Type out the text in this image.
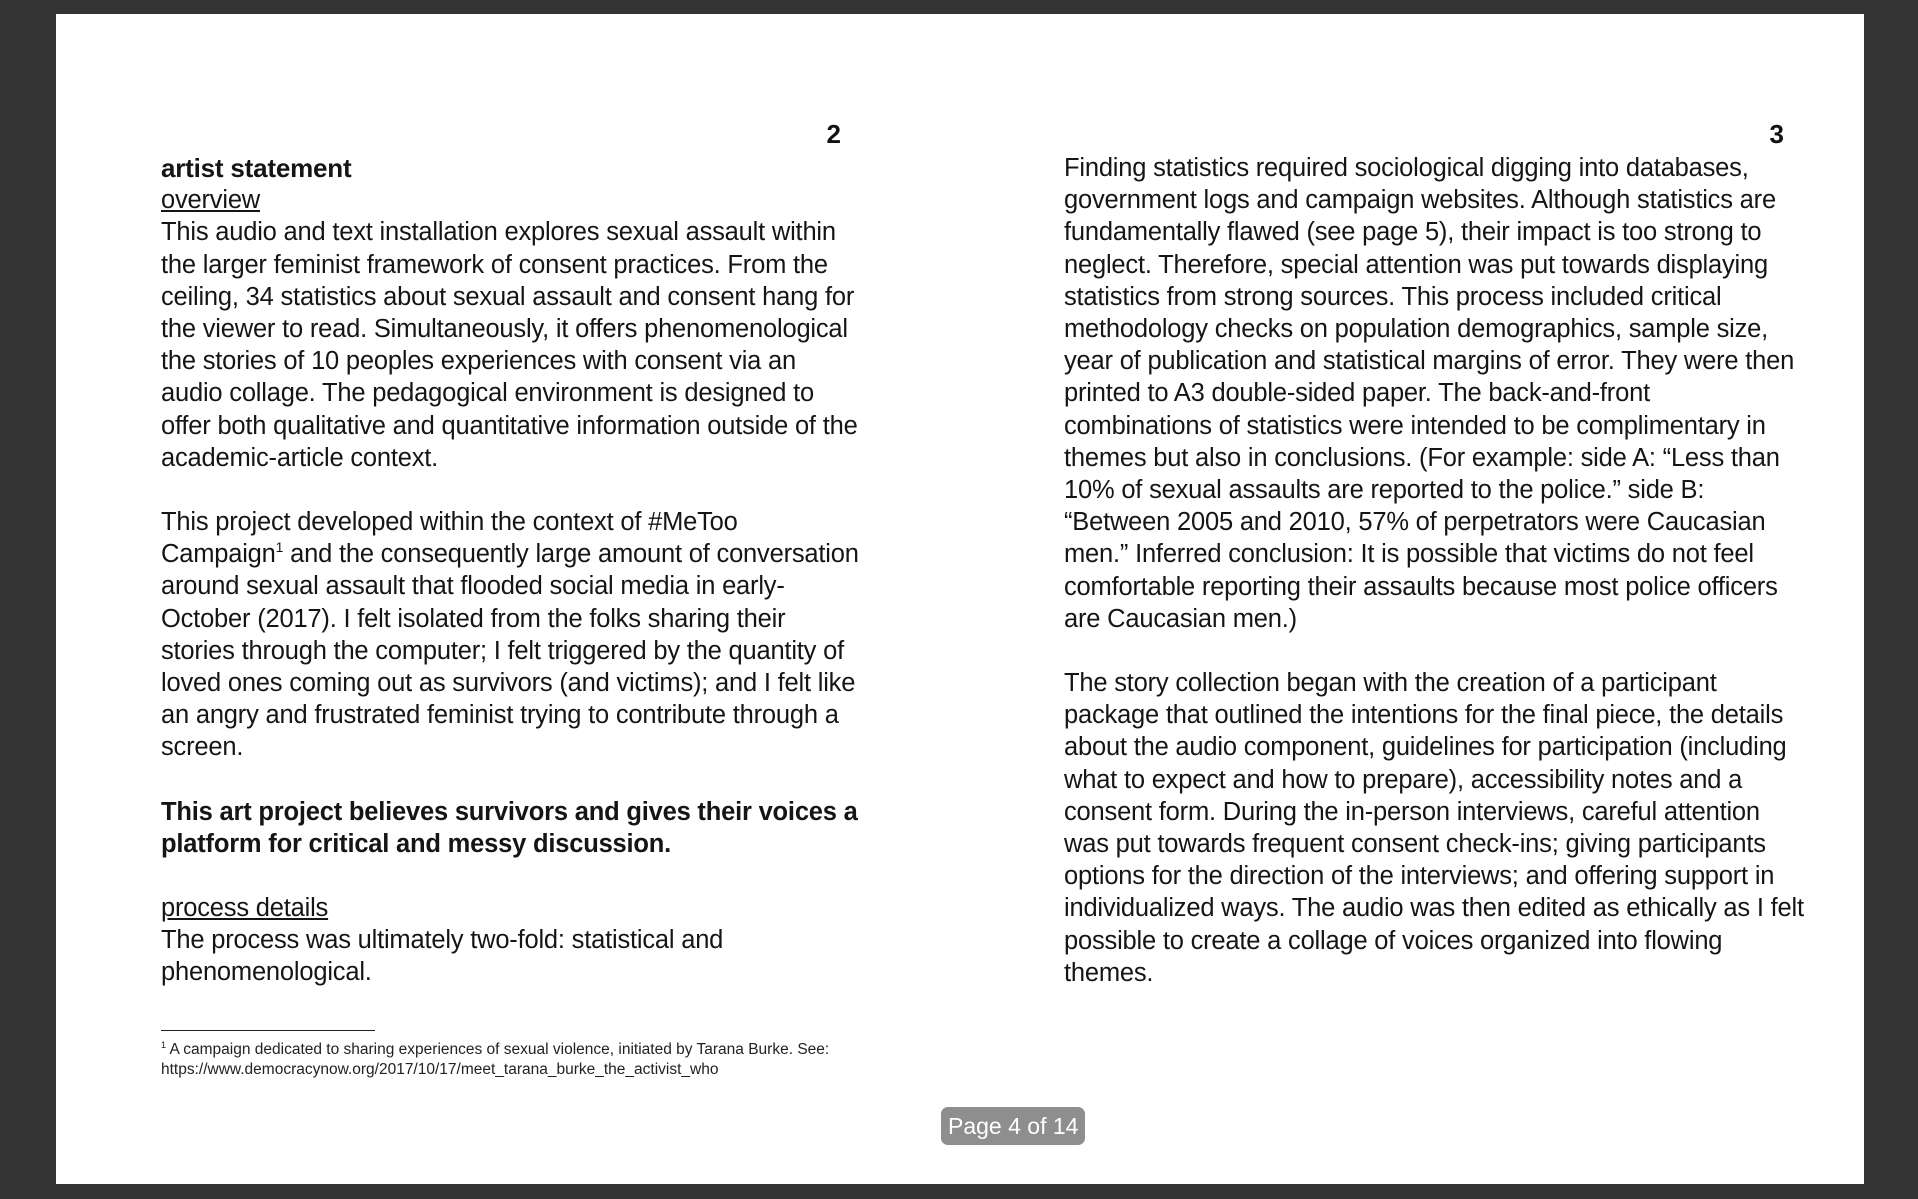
2

artist statement

overview

This audio and text installation explores sexual assault within the larger feminist framework of consent practices. From the ceiling, 34 statistics about sexual assault and consent hang for the viewer to read. Simultaneously, it offers phenomenological the stories of 10 peoples experiences with consent via an audio collage. The pedagogical environment is designed to offer both qualitative and quantitative information outside of the academic-article context.

This project developed within the context of #MeToo Campaign$^1$ and the consequently large amount of conversation around sexual assault that flooded social media in early-October (2017). I felt isolated from the folks sharing their stories through the computer; I felt triggered by the quantity of loved ones coming out as survivors (and victims); and I felt like an angry and frustrated feminist trying to contribute through a screen.

This art project believes survivors and gives their voices a platform for critical and messy discussion.

process details

The process was ultimately two-fold: statistical and phenomenological.

$^1$ A campaign dedicated to sharing experiences of sexual violence, initiated by Tarana Burke. See: https://www.democracynow.org/2017/10/17/meet_tarana_burke_the_activist_who
3

Finding statistics required sociological digging into databases, government logs and campaign websites. Although statistics are fundamentally flawed (see page 5), their impact is too strong to neglect. Therefore, special attention was put towards displaying statistics from strong sources. This process included critical methodology checks on population demographics, sample size, year of publication and statistical margins of error. They were then printed to A3 double-sided paper. The back-and-front combinations of statistics were intended to be complimentary in themes but also in conclusions. (For example: side A: “Less than 10% of sexual assaults are reported to the police.” side B: “Between 2005 and 2010, 57% of perpetrators were Caucasian men.” Inferred conclusion: It is possible that victims do not feel comfortable reporting their assaults because most police officers are Caucasian men.)

The story collection began with the creation of a participant package that outlined the intentions for the final piece, the details about the audio component, guidelines for participation (including what to expect and how to prepare), accessibility notes and a consent form. During the in-person interviews, careful attention was put towards frequent consent check-ins; giving participants options for the direction of the interviews; and offering support in individualized ways. The audio was then edited as ethically as I felt possible to create a collage of voices organized into flowing themes.

Page 4 of 14
